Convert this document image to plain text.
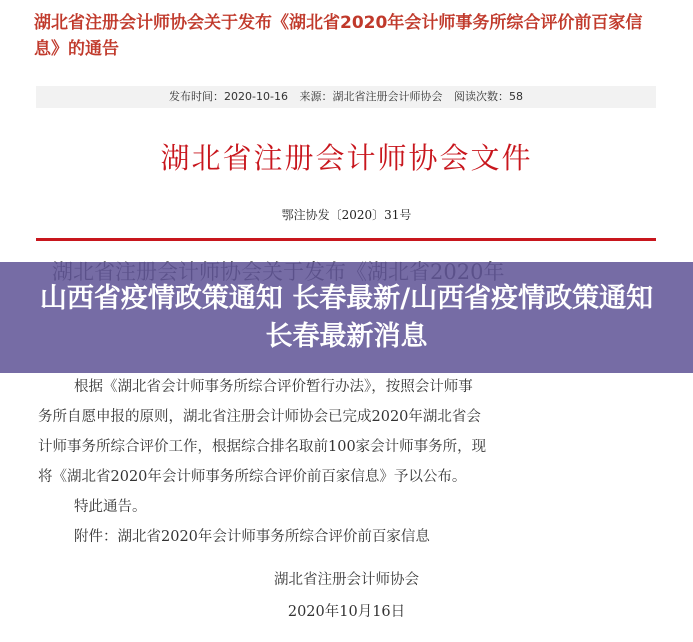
湖北省注册会计师协会关于发布《湖北省2020年会计师事务所综合评价前百家信息》的通告
发布时间：2020-10-16 来源：湖北省注册会计师协会 阅读次数：58
湖北省注册会计师协会文件
鄂注协发〔2020〕31号

根据《湖北省会计师事务所综合评价暂行办法》，按照会计师事

务所自愿申报的原则，湖北省注册会计师协会已完成2020年湖北省会

计师事务所综合评价工作，根据综合排名取前100家会计师事务所，现

将《湖北省2020年会计师事务所综合评价前百家信息》予以公布。

特此通告。

附件：湖北省2020年会计师事务所综合评价前百家信息

湖北省注册会计师协会
2020年10月16日
山西省疫情政策通知 长春最新/山西省疫情政策通知 长春最新消息
